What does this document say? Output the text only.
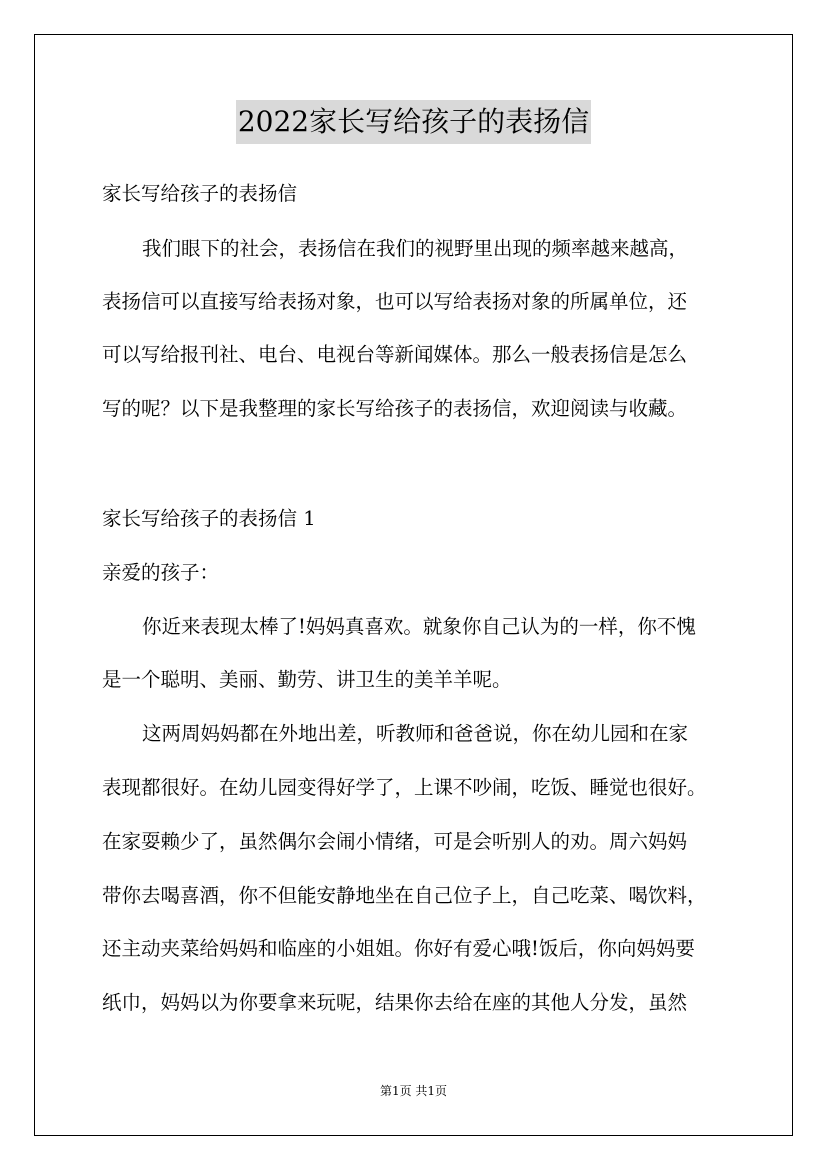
2022家长写给孩子的表扬信
家长写给孩子的表扬信
我们眼下的社会，表扬信在我们的视野里出现的频率越来越高，
表扬信可以直接写给表扬对象，也可以写给表扬对象的所属单位，还
可以写给报刊社、电台、电视台等新闻媒体。那么一般表扬信是怎么
写的呢？以下是我整理的家长写给孩子的表扬信，欢迎阅读与收藏。
家长写给孩子的表扬信 1
亲爱的孩子：
你近来表现太棒了!妈妈真喜欢。就象你自己认为的一样，你不愧
是一个聪明、美丽、勤劳、讲卫生的美羊羊呢。
这两周妈妈都在外地出差，听教师和爸爸说，你在幼儿园和在家
表现都很好。在幼儿园变得好学了，上课不吵闹，吃饭、睡觉也很好。
在家耍赖少了，虽然偶尔会闹小情绪，可是会听别人的劝。周六妈妈
带你去喝喜酒，你不但能安静地坐在自己位子上，自己吃菜、喝饮料，
还主动夹菜给妈妈和临座的小姐姐。你好有爱心哦!饭后，你向妈妈要
纸巾，妈妈以为你要拿来玩呢，结果你去给在座的其他人分发，虽然
第1页 共1页
